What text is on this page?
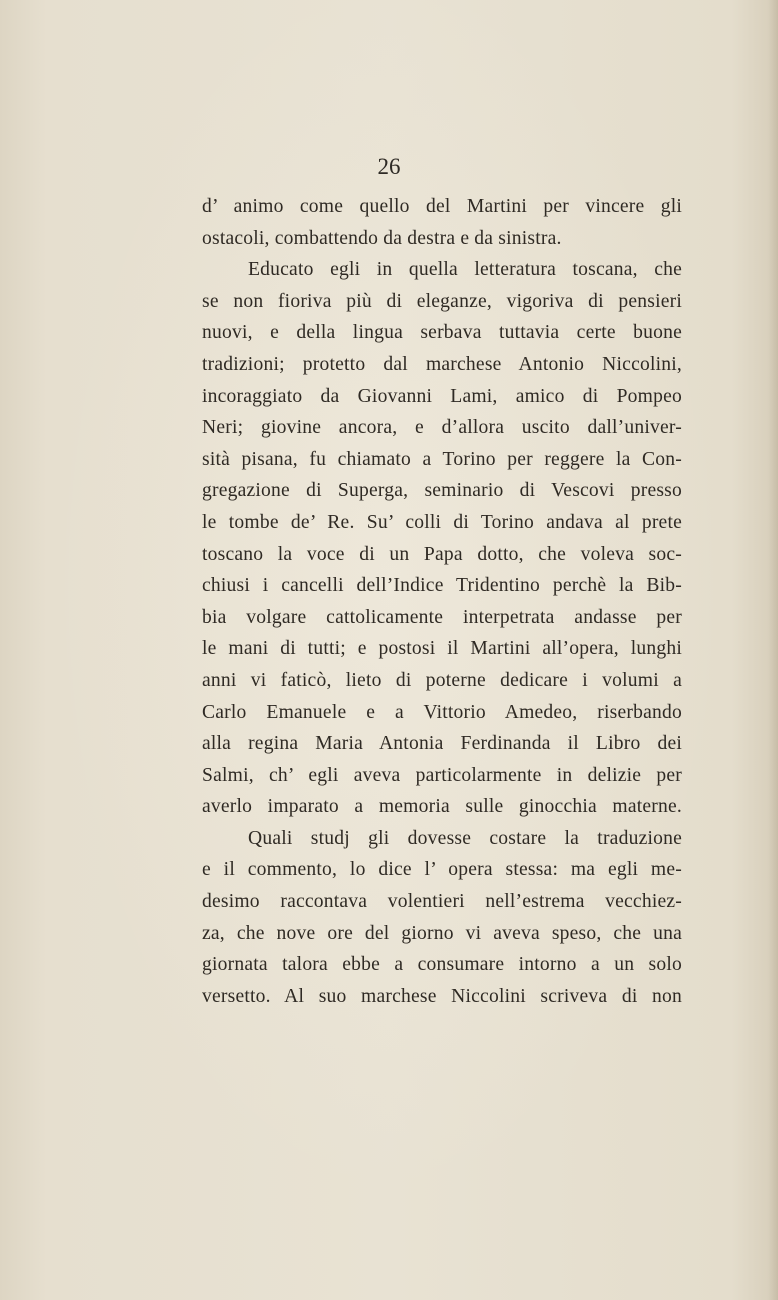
26
d’ animo come quello del Martini per vincere gli
ostacoli, combattendo da destra e da sinistra.
Educato egli in quella letteratura toscana, che
se non fioriva più di eleganze, vigoriva di pensieri
nuovi, e della lingua serbava tuttavia certe buone
tradizioni; protetto dal marchese Antonio Niccolini,
incoraggiato da Giovanni Lami, amico di Pompeo
Neri; giovine ancora, e d’allora uscito dall’univer-
sità pisana, fu chiamato a Torino per reggere la Con-
gregazione di Superga, seminario di Vescovi presso
le tombe de’ Re. Su’ colli di Torino andava al prete
toscano la voce di un Papa dotto, che voleva soc-
chiusi i cancelli dell’Indice Tridentino perchè la Bib-
bia volgare cattolicamente interpetrata andasse per
le mani di tutti; e postosi il Martini all’opera, lunghi
anni vi faticò, lieto di poterne dedicare i volumi a
Carlo Emanuele e a Vittorio Amedeo, riserbando
alla regina Maria Antonia Ferdinanda il Libro dei
Salmi, ch’ egli aveva particolarmente in delizie per
averlo imparato a memoria sulle ginocchia materne.
Quali studj gli dovesse costare la traduzione
e il commento, lo dice l’ opera stessa: ma egli me-
desimo raccontava volentieri nell’estrema vecchiez-
za, che nove ore del giorno vi aveva speso, che una
giornata talora ebbe a consumare intorno a un solo
versetto. Al suo marchese Niccolini scriveva di non
